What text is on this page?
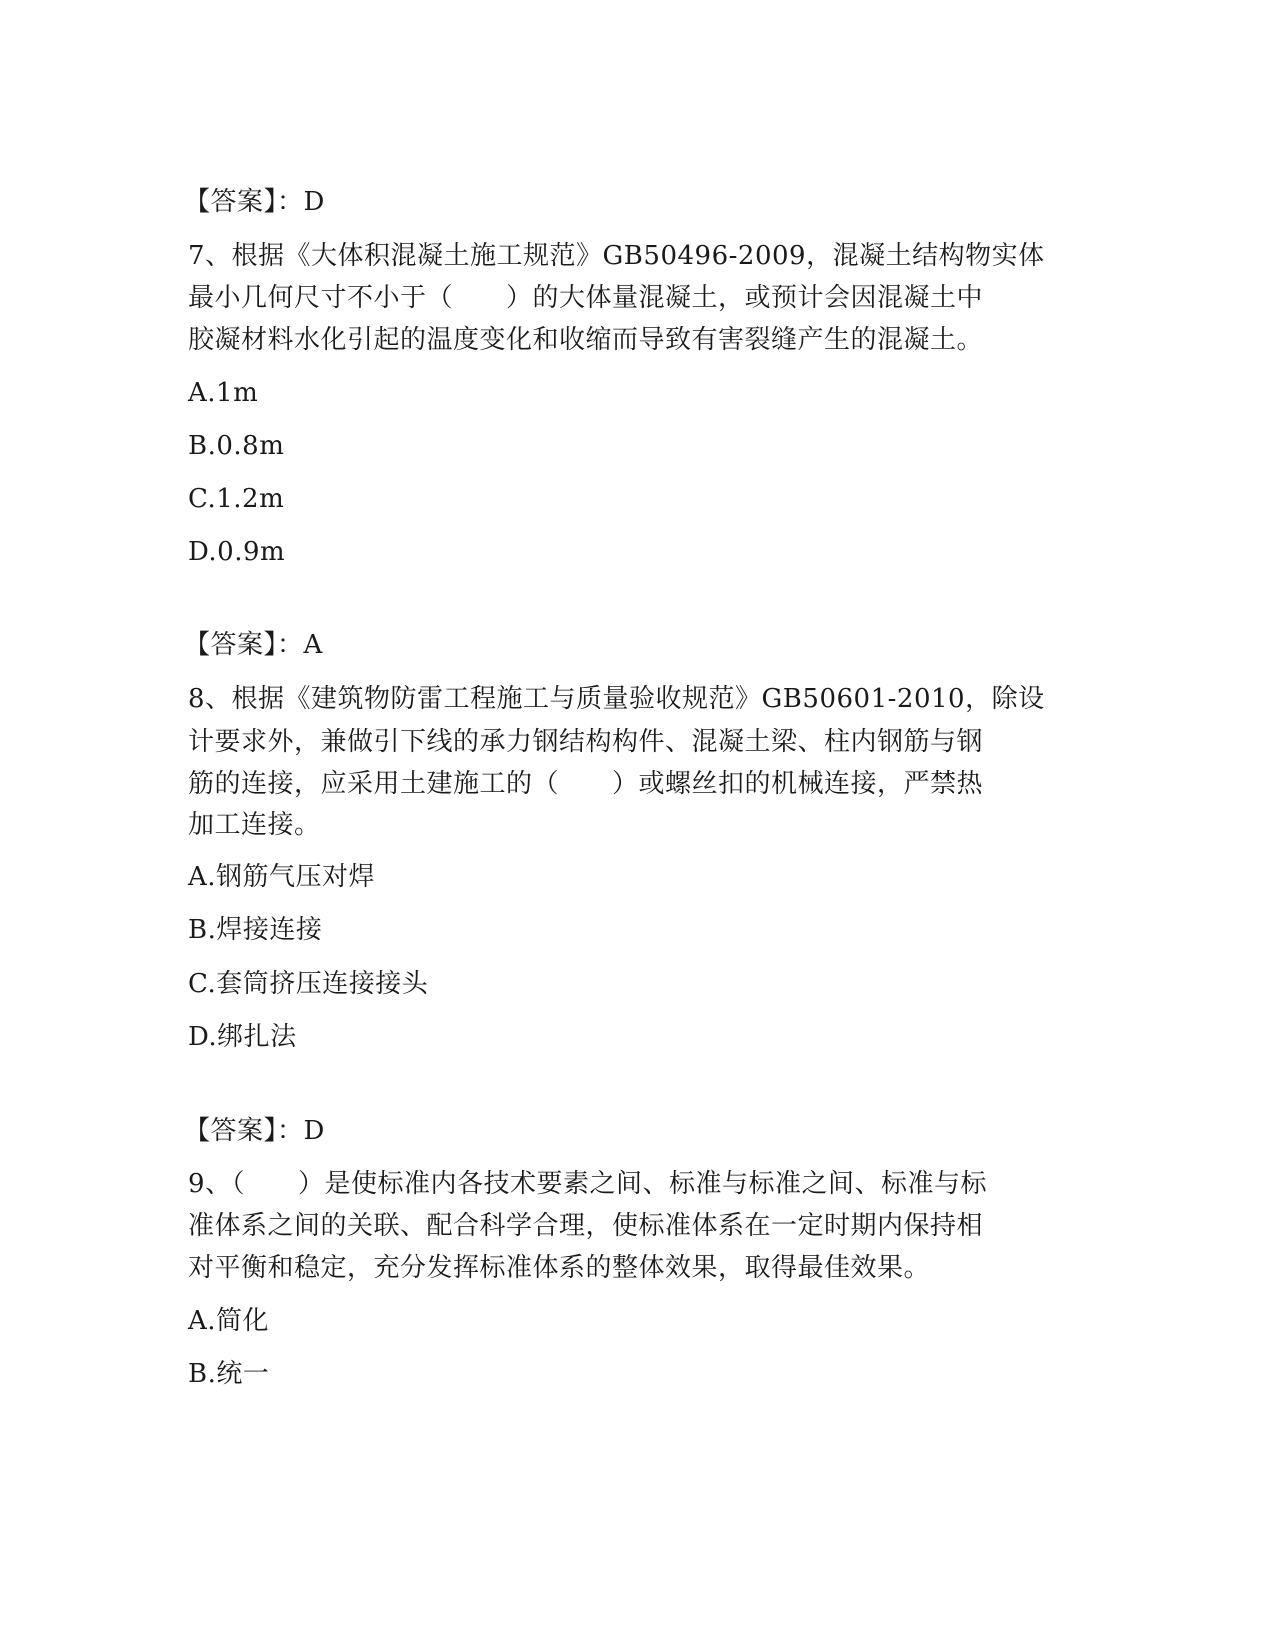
【答案】：D
7、根据《大体积混凝土施工规范》GB50496-2009，混凝土结构物实体
最小几何尺寸不小于（　　）的大体量混凝土，或预计会因混凝土中
胶凝材料水化引起的温度变化和收缩而导致有害裂缝产生的混凝土。
A.1m
B.0.8m
C.1.2m
D.0.9m
【答案】：A
8、根据《建筑物防雷工程施工与质量验收规范》GB50601-2010，除设
计要求外，兼做引下线的承力钢结构构件、混凝土梁、柱内钢筋与钢
筋的连接，应采用土建施工的（　　）或螺丝扣的机械连接，严禁热
加工连接。
A.钢筋气压对焊
B.焊接连接
C.套筒挤压连接接头
D.绑扎法
【答案】：D
9、（　　）是使标准内各技术要素之间、标准与标准之间、标准与标
准体系之间的关联、配合科学合理，使标准体系在一定时期内保持相
对平衡和稳定，充分发挥标准体系的整体效果，取得最佳效果。
A.简化
B.统一
